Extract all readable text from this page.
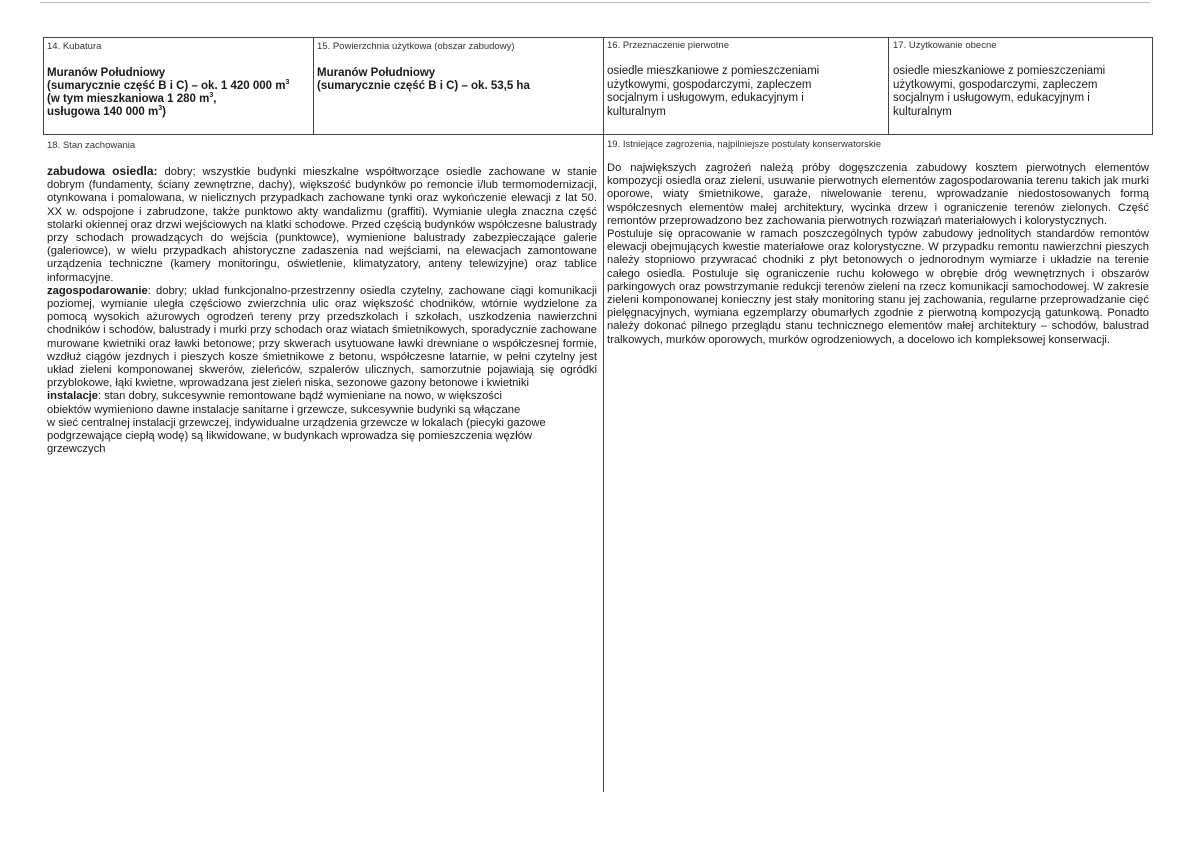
14. Kubatura
Muranów Południowy
(sumarycznie część B i C) – ok. 1 420 000 $m^3$
(w tym mieszkaniowa 1 280 $m^3$,
usługowa 140 000 $m^3$)
15. Powierzchnia użytkowa (obszar zabudowy)
Muranów Południowy
(sumarycznie część B i C) – ok. 53,5 ha
16. Przeznaczenie pierwotne
osiedle mieszkaniowe z pomieszczeniami
użytkowymi, gospodarczymi, zapleczem
socjalnym i usługowym, edukacyjnym i
kulturalnym
17. Użytkowanie obecne
osiedle mieszkaniowe z pomieszczeniami
użytkowymi, gospodarczymi, zapleczem
socjalnym i usługowym, edukacyjnym i
kulturalnym
18. Stan zachowania

zabudowa osiedla: dobry; wszystkie budynki mieszkalne współtworzące osiedle zachowane w stanie dobrym (fundamenty, ściany zewnętrzne, dachy), większość budynków po remoncie i/lub termomodernizacji, otynkowana i pomalowana, w nielicznych przypadkach zachowane tynki oraz wykończenie elewacji z lat 50. XX w. odspojone i zabrudzone, także punktowo akty wandalizmu (graffiti). Wymianie uległa znaczna część stolarki okiennej oraz drzwi wejściowych na klatki schodowe. Przed częścią budynków współczesne balustrady przy schodach prowadzących do wejścia (punktowce), wymienione balustrady zabezpieczające galerie (galeriowce), w wielu przypadkach ahistoryczne zadaszenia nad wejściami, na elewacjach zamontowane urządzenia techniczne (kamery monitoringu, oświetlenie, klimatyzatory, anteny telewizyjne) oraz tablice informacyjne.

zagospodarowanie: dobry; układ funkcjonalno-przestrzenny osiedla czytelny, zachowane ciągi komunikacji poziomej, wymianie uległa częściowo zwierzchnia ulic oraz większość chodników, wtórnie wydzielone za pomocą wysokich ażurowych ogrodzeń tereny przy przedszkolach i szkołach, uszkodzenia nawierzchni chodników i schodów, balustrady i murki przy schodach oraz wiatach śmietnikowych, sporadycznie zachowane murowane kwietniki oraz ławki betonowe; przy skwerach usytuowane ławki drewniane o współczesnej formie, wzdłuż ciągów jezdnych i pieszych kosze śmietnikowe z betonu, współczesne latarnie, w pełni czytelny jest układ zieleni komponowanej skwerów, zieleńców, szpalerów ulicznych, samorzutnie pojawiają się ogródki przyblokowe, łąki kwietne, wprowadzana jest zieleń niska, sezonowe gazony betonowe i kwietniki

instalacje: stan dobry, sukcesywnie remontowane bądź wymieniane na nowo, w większości
obiektów wymieniono dawne instalacje sanitarne i grzewcze, sukcesywnie budynki są włączane
w sieć centralnej instalacji grzewczej, indywidualne urządzenia grzewcze w lokalach (piecyki gazowe
podgrzewające ciepłą wodę) są likwidowane, w budynkach wprowadza się pomieszczenia węzłów
grzewczych

19. Istniejące zagrożenia, najpilniejsze postulaty konserwatorskie

Do największych zagrożeń należą próby dogęszczenia zabudowy kosztem pierwotnych elementów kompozycji osiedla oraz zieleni, usuwanie pierwotnych elementów zagospodarowania terenu takich jak murki oporowe, wiaty śmietnikowe, garaże, niwelowanie terenu, wprowadzanie niedostosowanych formą współczesnych elementów małej architektury, wycinka drzew i ograniczenie terenów zielonych. Część remontów przeprowadzono bez zachowania pierwotnych rozwiązań materiałowych i kolorystycznych.

Postuluje się opracowanie w ramach poszczególnych typów zabudowy jednolitych standardów remontów elewacji obejmujących kwestie materiałowe oraz kolorystyczne. W przypadku remontu nawierzchni pieszych należy stopniowo przywracać chodniki z płyt betonowych o jednorodnym wymiarze i układzie na terenie całego osiedla. Postuluje się ograniczenie ruchu kołowego w obrębie dróg wewnętrznych i obszarów parkingowych oraz powstrzymanie redukcji terenów zieleni na rzecz komunikacji samochodowej. W zakresie zieleni komponowanej konieczny jest stały monitoring stanu jej zachowania, regularne przeprowadzanie cięć pielęgnacyjnych, wymiana egzemplarzy obumarłych zgodnie z pierwotną kompozycją gatunkową. Ponadto należy dokonać pilnego przeglądu stanu technicznego elementów małej architektury – schodów, balustrad tralkowych, murków oporowych, murków ogrodzeniowych, a docelowo ich kompleksowej konserwacji.
